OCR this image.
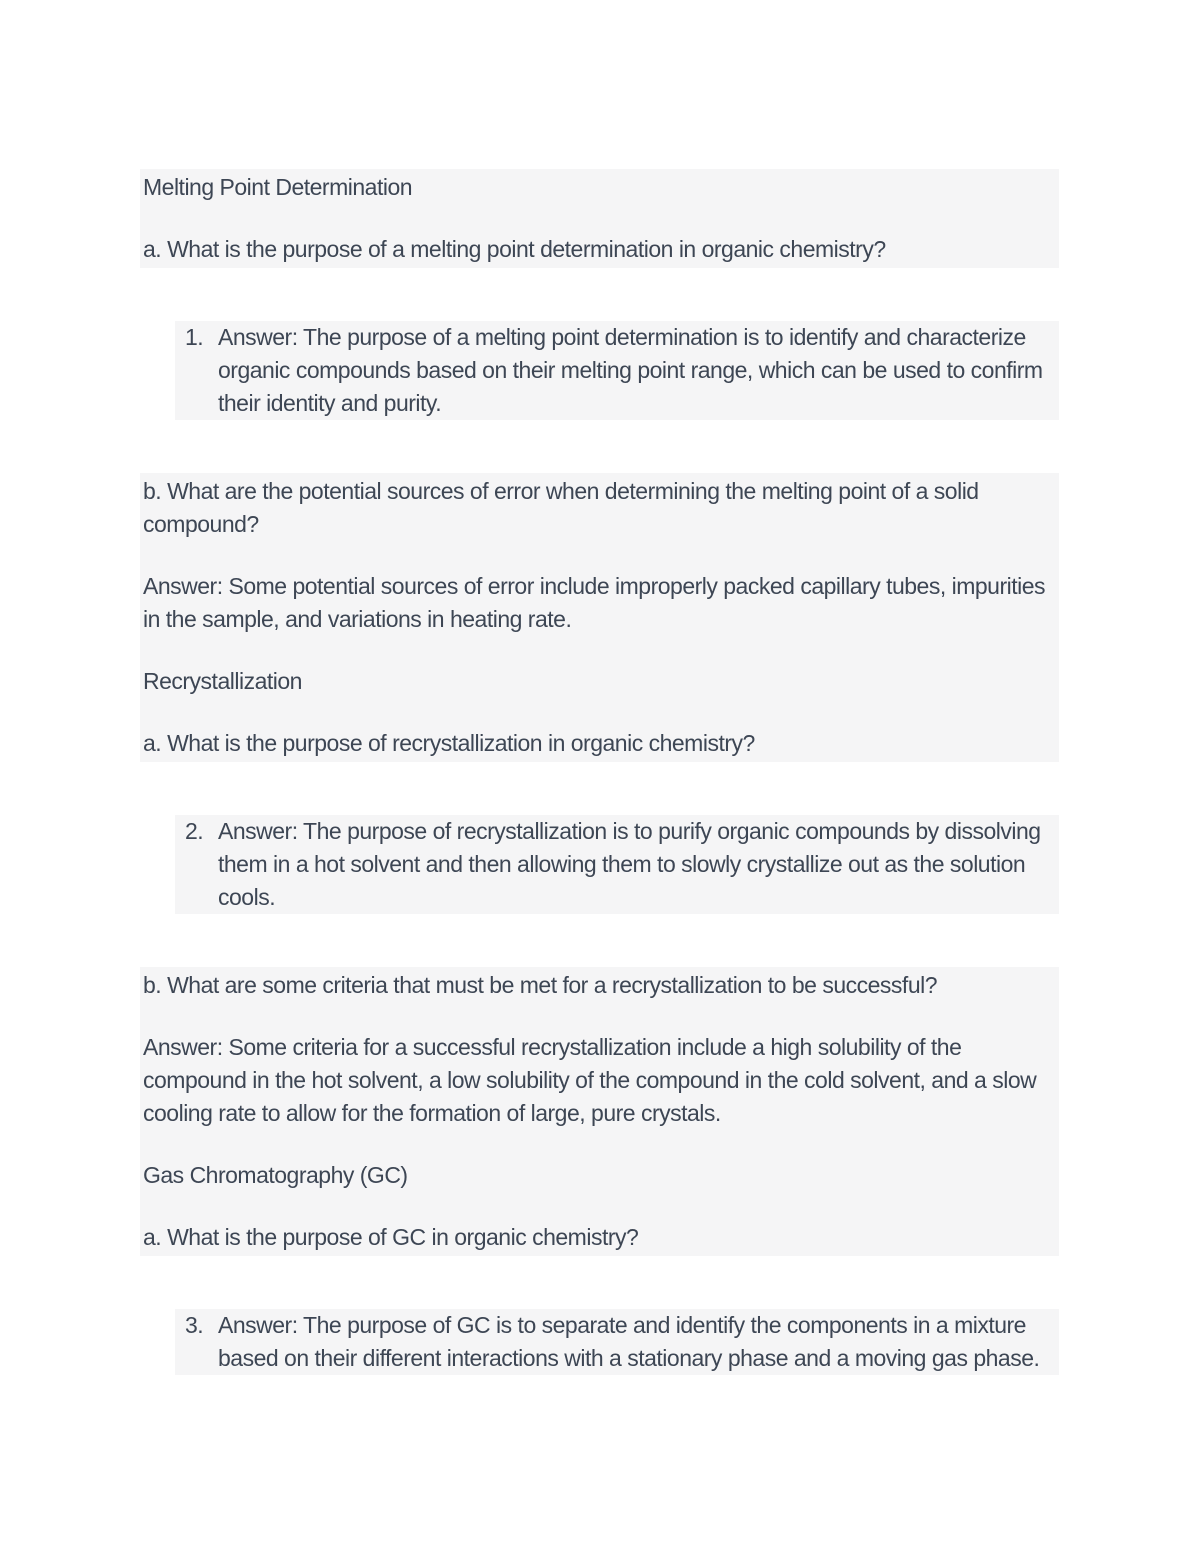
Melting Point Determination

a. What is the purpose of a melting point determination in organic chemistry?

1. Answer: The purpose of a melting point determination is to identify and characterize organic compounds based on their melting point range, which can be used to confirm their identity and purity.

b. What are the potential sources of error when determining the melting point of a solid compound?

Answer: Some potential sources of error include improperly packed capillary tubes, impurities in the sample, and variations in heating rate.

Recrystallization

a. What is the purpose of recrystallization in organic chemistry?

2. Answer: The purpose of recrystallization is to purify organic compounds by dissolving them in a hot solvent and then allowing them to slowly crystallize out as the solution cools.

b. What are some criteria that must be met for a recrystallization to be successful?

Answer: Some criteria for a successful recrystallization include a high solubility of the compound in the hot solvent, a low solubility of the compound in the cold solvent, and a slow cooling rate to allow for the formation of large, pure crystals.

Gas Chromatography (GC)

a. What is the purpose of GC in organic chemistry?

3. Answer: The purpose of GC is to separate and identify the components in a mixture based on their different interactions with a stationary phase and a moving gas phase.
